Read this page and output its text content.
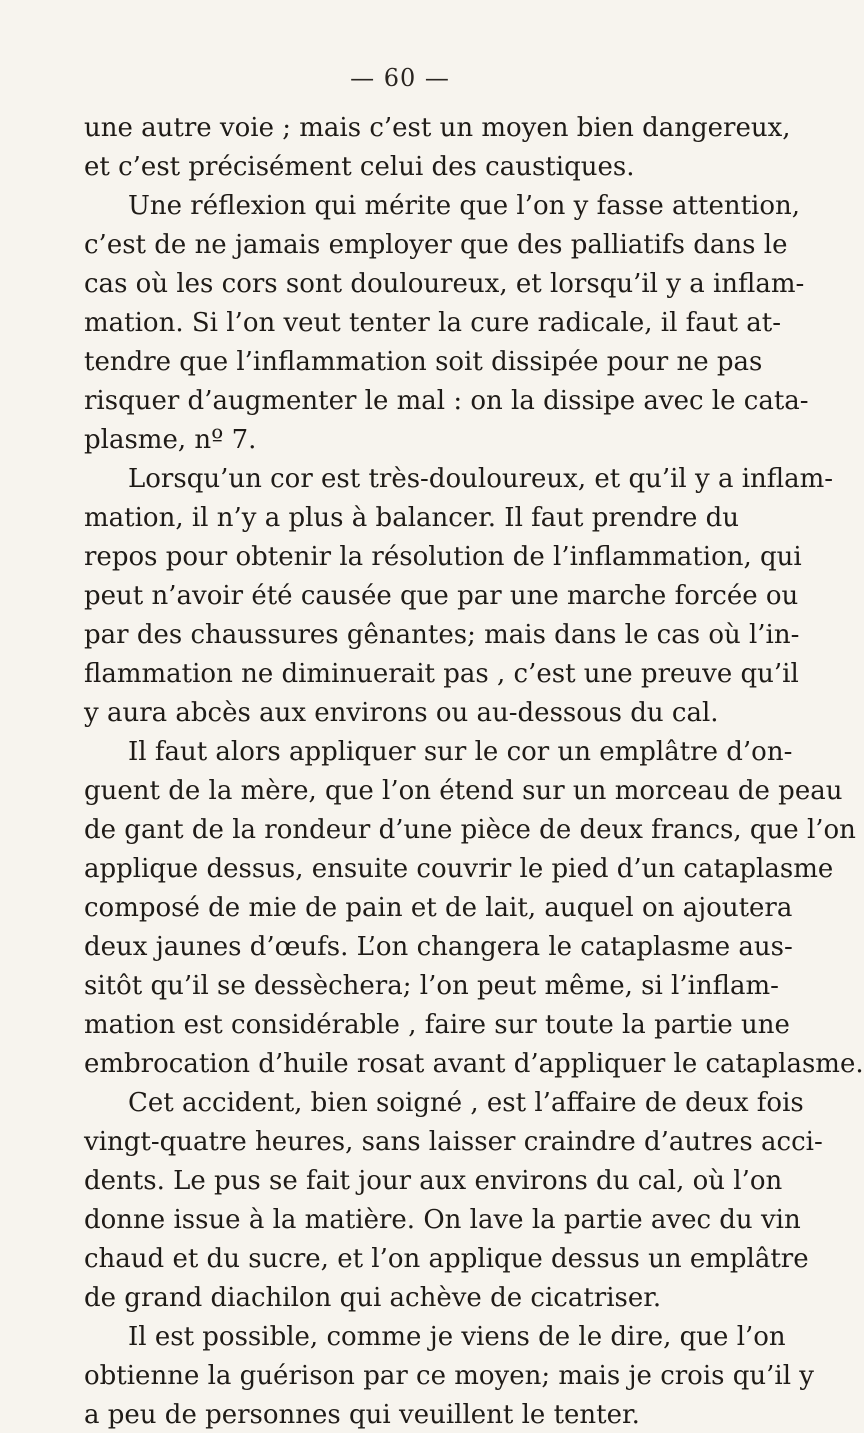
— 60 —
une autre voie ; mais c’est un moyen bien dangereux,
et c’est précisément celui des caustiques.
Une réflexion qui mérite que l’on y fasse attention,
c’est de ne jamais employer que des palliatifs dans le
cas où les cors sont douloureux, et lorsqu’il y a inflam-
mation. Si l’on veut tenter la cure radicale, il faut at-
tendre que l’inflammation soit dissipée pour ne pas
risquer d’augmenter le mal : on la dissipe avec le cata-
plasme, nº 7.
Lorsqu’un cor est très-douloureux, et qu’il y a inflam-
mation, il n’y a plus à balancer. Il faut prendre du
repos pour obtenir la résolution de l’inflammation, qui
peut n’avoir été causée que par une marche forcée ou
par des chaussures gênantes; mais dans le cas où l’in-
flammation ne diminuerait pas , c’est une preuve qu’il
y aura abcès aux environs ou au-dessous du cal.
Il faut alors appliquer sur le cor un emplâtre d’on-
guent de la mère, que l’on étend sur un morceau de peau
de gant de la rondeur d’une pièce de deux francs, que l’on
applique dessus, ensuite couvrir le pied d’un cataplasme
composé de mie de pain et de lait, auquel on ajoutera
deux jaunes d’œufs. L’on changera le cataplasme aus-
sitôt qu’il se dessèchera; l’on peut même, si l’inflam-
mation est considérable , faire sur toute la partie une
embrocation d’huile rosat avant d’appliquer le cataplasme.
Cet accident, bien soigné , est l’affaire de deux fois
vingt-quatre heures, sans laisser craindre d’autres acci-
dents. Le pus se fait jour aux environs du cal, où l’on
donne issue à la matière. On lave la partie avec du vin
chaud et du sucre, et l’on applique dessus un emplâtre
de grand diachilon qui achève de cicatriser.
Il est possible, comme je viens de le dire, que l’on
obtienne la guérison par ce moyen; mais je crois qu’il y
a peu de personnes qui veuillent le tenter.
